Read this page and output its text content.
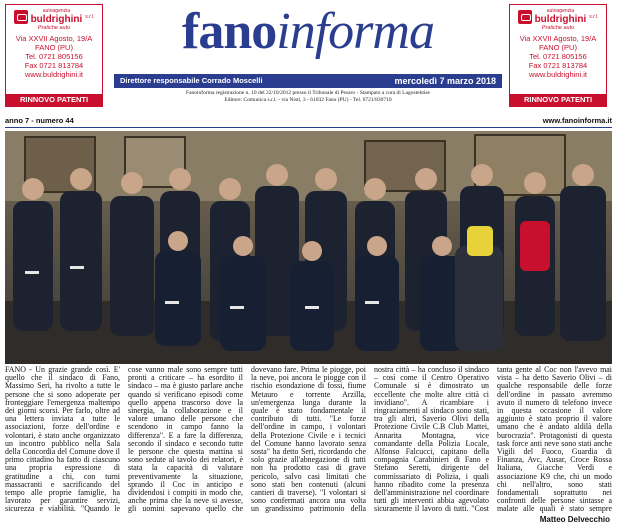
autoagenzia
buldrighini s.r.l.
Pratiche auto
Via XXVII Agosto, 19/A
FANO (PU)
Tel. 0721 805156
Fax 0721 813784
www.buldrighini.it
RINNOVO PATENTI
autoagenzia
buldrighini s.r.l.
Pratiche auto
Via XXVII Agosto, 19/A
FANO (PU)
Tel. 0721 805156
Fax 0721 813784
www.buldrighini.it
RINNOVO PATENTI
fanoinforma
Direttore responsabile Corrado Moscelli	mercoledì 7 marzo 2018
Fanoinforma registrazione n. 10 del 22/10/2012 presso il Tribunale di Pesaro - Stampato a cura di Lagostektise
Editore: Comunica s.r.l. - via Nisti, 3 - 61032 Fano (PU) - Tel. 0721/830710
anno 7 - numero 44	www.fanoinforma.it
FANO - Un grazie grande così. E' quello che il sindaco di Fano, Massimo Seri, ha rivolto a tutte le persone che si sono adoperate per fronteggiare l'emergenza maltempo dei giorni scorsi. Per farlo, oltre ad una lettera inviata a tutte le associazioni, forze dell'ordine e volontari, è stato anche organizzato un incontro pubblico nella Sala della Concordia del Comune dove il primo cittadino ha fatto di ciascuno una propria espressione di gratitudine a chi, con turni massacranti e sacrificando del tempo alle proprie famiglie, ha lavorato per garantire servizi, sicurezza e viabilità. "Quando le cose vanno male sono sempre tutti pronti a criticare – ha esordito il sindaco – ma è giusto parlare anche quando si verificano episodi come quello appena trascorso dove la sinergia, la collaborazione e il valore umano delle persone che scendono in campo fanno la differenza". E a fare la differenza, secondo il sindaco e secondo tutte le persone che questa mattina si sono sedute al tavolo dei relatori, è stata la capacità di valutare preventivamente la situazione, sprando il Coc in anticipo e dividendosi i compiti in modo che, anche prima che la neve si avesse, gli uomini sapevano quello che dovevano fare. Prima le piogge, poi la neve, poi ancora le piogge con il rischio esondazione di fossi, fiume Metauro e torrente Arzilla, un'emergenza lunga durante la quale è stato fondamentale il contributo di tutti. "Le forze dell'ordine in campo, i volontari della Protezione Civile e i tecnici del Comune hanno lavorato senza sosta" ha detto Seri, ricordando che solo grazie all'abnegazione di tutti non ha prodotto casi di grave pericolo, salvo casi limitati che sono stati ben contenuti (alcuni cantieri di traverse). "I volontari si sono confermati ancora una volta un grandissimo patrimonio della nostra città – ha concluso il sindaco – così come il Centro Operativo Comunale si è dimostrato un eccellente che molte altre città ci invidiano". A ricambiare i ringraziamenti al sindaco sono stati, tra gli altri, Saverio Olivi della Protezione Civile C.B Club Mattei, Annarita Montagna, vice comandante della Polizia Locale, Alfonso Falcucci, capitano della compagnia Carabinieri di Fano e Stefano Seretti, dirigente del commissariato di Polizia, i quali hanno ribadito come la presenza dell'amministrazione nel coordinare tutti gli interventi abbia agevolato sicuramente il lavoro di tutti. "Cost tanta gente al Coc non l'avevo mai vista – ha detto Saverio Olivi – di qualche responsabile delle forze dell'ordine in passato avremmo avuto il numero di telefono invece in questa occasione il valore aggiunto è stato proprio il valore umano che è andato aldilà della burocrazia". Protagonisti di questa task force anti neve sono stati anche Vigili del Fuoco, Guardia di Finanza, Avc, Ausar, Croce Rossa Italiana, Giacche Verdi e associazione K9 che, chi un modo chi nell'altro, sono stati fondamentali soprattutto nei confronti delle persone sintasse a malate alle quali è stato sempre
Matteo Delvecchio
